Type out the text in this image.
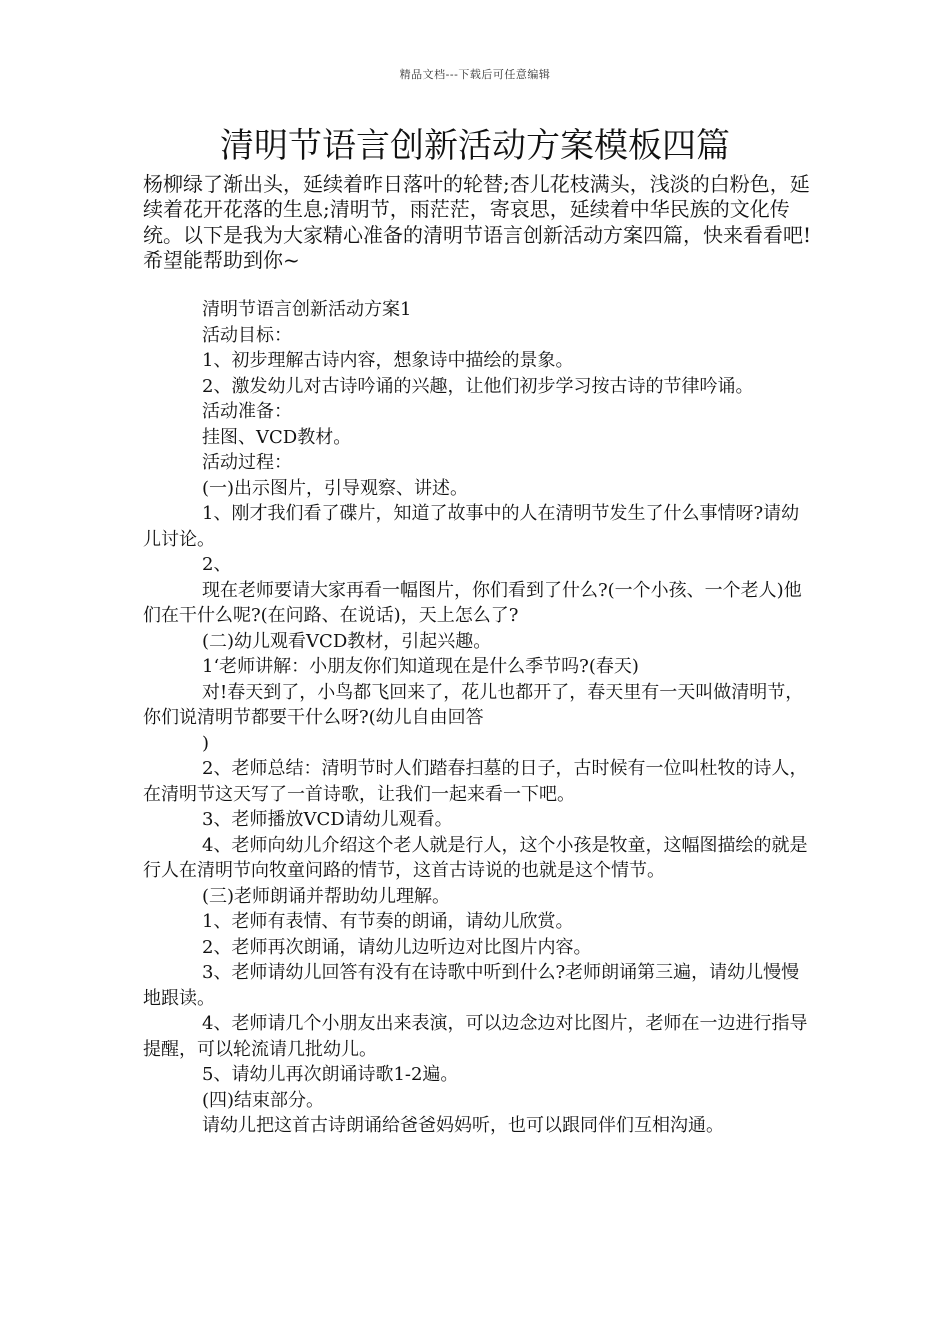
精品文档---下载后可任意编辑
清明节语言创新活动方案模板四篇

杨柳绿了渐出头，延续着昨日落叶的轮替;杏儿花枝满头，浅淡的白粉色，延续着花开花落的生息;清明节，雨茫茫，寄哀思，延续着中华民族的文化传统。以下是我为大家精心准备的清明节语言创新活动方案四篇，快来看看吧!希望能帮助到你~

清明节语言创新活动方案1

活动目标：

1、初步理解古诗内容，想象诗中描绘的景象。

2、激发幼儿对古诗吟诵的兴趣，让他们初步学习按古诗的节律吟诵。

活动准备：

挂图、VCD教材。

活动过程：

(一)出示图片，引导观察、讲述。

1、刚才我们看了碟片，知道了故事中的人在清明节发生了什么事情呀?请幼儿讨论。

2、

现在老师要请大家再看一幅图片，你们看到了什么?(一个小孩、一个老人)他们在干什么呢?(在问路、在说话)，天上怎么了?

(二)幼儿观看VCD教材，引起兴趣。

1‘老师讲解：小朋友你们知道现在是什么季节吗?(春天)

对!春天到了，小鸟都飞回来了，花儿也都开了，春天里有一天叫做清明节，你们说清明节都要干什么呀?(幼儿自由回答

)

2、老师总结：清明节时人们踏春扫墓的日子，古时候有一位叫杜牧的诗人，在清明节这天写了一首诗歌，让我们一起来看一下吧。

3、老师播放VCD请幼儿观看。

4、老师向幼儿介绍这个老人就是行人，这个小孩是牧童，这幅图描绘的就是行人在清明节向牧童问路的情节，这首古诗说的也就是这个情节。

(三)老师朗诵并帮助幼儿理解。

1、老师有表情、有节奏的朗诵，请幼儿欣赏。

2、老师再次朗诵，请幼儿边听边对比图片内容。

3、老师请幼儿回答有没有在诗歌中听到什么?老师朗诵第三遍，请幼儿慢慢地跟读。

4、老师请几个小朋友出来表演，可以边念边对比图片，老师在一边进行指导提醒，可以轮流请几批幼儿。

5、请幼儿再次朗诵诗歌1-2遍。

(四)结束部分。

请幼儿把这首古诗朗诵给爸爸妈妈听，也可以跟同伴们互相沟通。
